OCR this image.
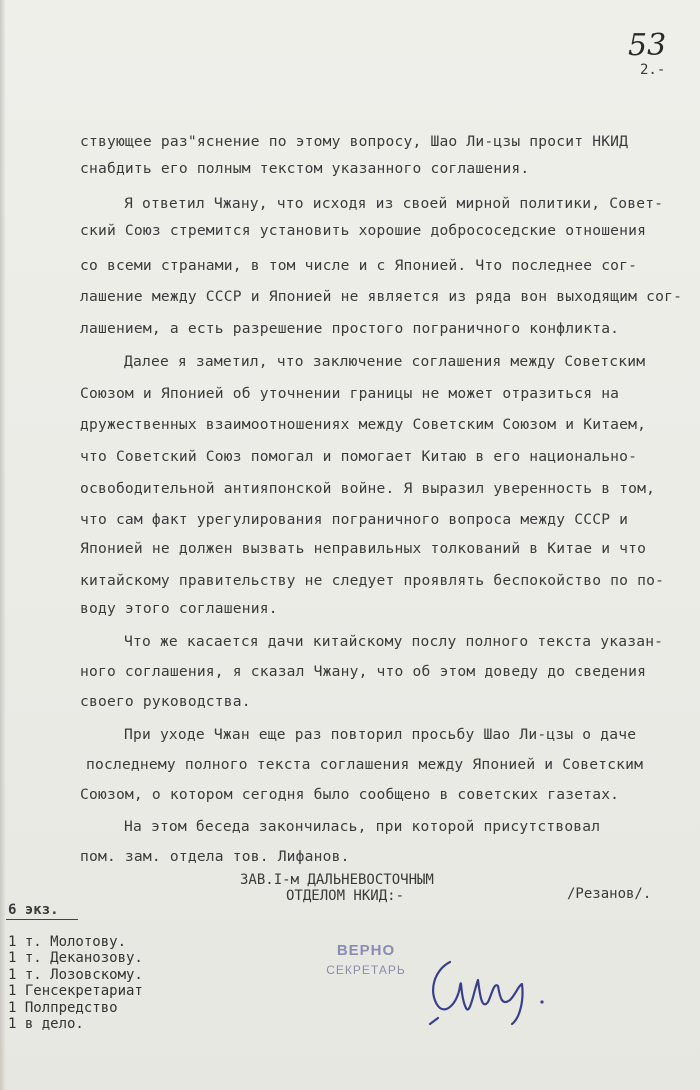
53
2.-
ствующее раз"яснение по этому вопросу, Шао Ли-цзы просит НКИД
снабдить его полным текстом указанного соглашения.
Я ответил Чжану, что исходя из своей мирной политики, Совет-
ский Союз стремится установить хорошие добрососедские отношения
со всеми странами, в том числе и с Японией. Что последнее сог-
лашение между СССР и Японией не является из ряда вон выходящим сог-
лашением, а есть разрешение простого пограничного конфликта.
Далее я заметил, что заключение соглашения между Советским
Союзом и Японией об уточнении границы не может отразиться на
дружественных взаимоотношениях между Советским Союзом и Китаем,
что Советский Союз помогал и помогает Китаю в его национально-
освободительной антияпонской войне. Я выразил уверенность в том,
что сам факт урегулирования пограничного вопроса между СССР и
Японией не должен вызвать неправильных толкований в Китае и что
китайскому правительству не следует проявлять беспокойство по по-
воду этого соглашения.
Что же касается дачи китайскому послу полного текста указан-
ного соглашения, я сказал Чжану, что об этом доведу до сведения
своего руководства.
При уходе Чжан еще раз повторил просьбу Шао Ли-цзы о даче
последнему полного текста соглашения между Японией и Советским
Союзом, о котором сегодня было сообщено в советских газетах.
На этом беседа закончилась, при которой присутствовал
пом. зам. отдела тов. Лифанов.
ЗАВ.I-м ДАЛЬНЕВОСТОЧНЫМ
ОТДЕЛОМ НКИД:-	/Резанов/.
6 экз.
1 т. Молотову.
1 т. Деканозову.
1 т. Лозовскому.
1 Генсекретариат
1 Полпредство
1 в дело.
ВЕРНО
СЕКРЕТАРЬ
